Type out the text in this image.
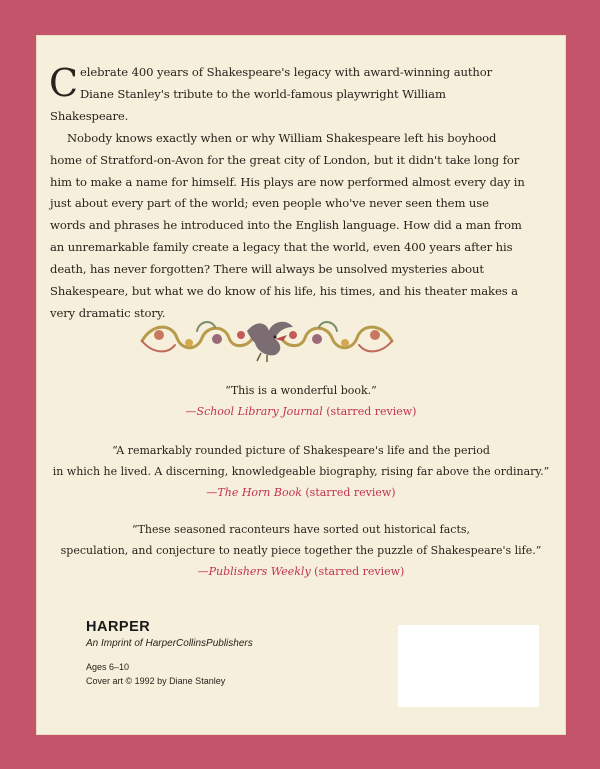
Celebrate 400 years of Shakespeare's legacy with award-winning author Diane Stanley's tribute to the world-famous playwright William Shakespeare.

Nobody knows exactly when or why William Shakespeare left his boyhood home of Stratford-on-Avon for the great city of London, but it didn't take long for him to make a name for himself. His plays are now performed almost every day in just about every part of the world; even people who've never seen them use words and phrases he introduced into the English language. How did a man from an unremarkable family create a legacy that the world, even 400 years after his death, has never forgotten? There will always be unsolved mysteries about Shakespeare, but what we do know of his life, his times, and his theater makes a very dramatic story.

“This is a wonderful book.”
—School Library Journal (starred review)
“A remarkably rounded picture of Shakespeare's life and the period
in which he lived. A discerning, knowledgeable biography, rising far above the ordinary.”
—The Horn Book (starred review)
“These seasoned raconteurs have sorted out historical facts,
speculation, and conjecture to neatly piece together the puzzle of Shakespeare's life.”
—Publishers Weekly (starred review)
HARPER
An Imprint of HarperCollinsPublishers
Ages 6–10
Cover art © 1992 by Diane Stanley
